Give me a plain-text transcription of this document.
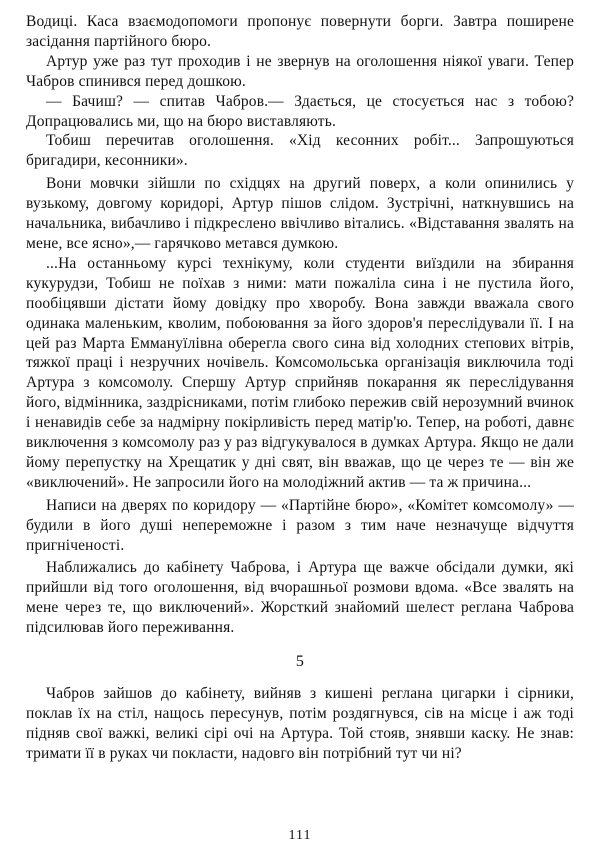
Водиці. Каса взаємодопомоги пропонує повернути борги. Завтра поширене засідання партійного бюро.

Артур уже раз тут проходив і не звернув на оголошення ніякої уваги. Тепер Чабров спинився перед дошкою.

— Бачиш? — спитав Чабров.— Здається, це стосується нас з тобою? Допрацювались ми, що на бюро виставляють.

Тобиш перечитав оголошення. «Хід кесонних робіт... Запрошуються бригадири, кесонники».

Вони мовчки зійшли по східцях на другий поверх, а коли опинились у вузькому, довгому коридорі, Артур пішов слідом. Зустрічні, наткнувшись на начальника, вибачливо і підкреслено ввічливо вітались. «Відставання звалять на мене, все ясно»,— гарячково метався думкою.

...На останньому курсі технікуму, коли студенти виїздили на збирання кукурудзи, Тобиш не поїхав з ними: мати пожаліла сина і не пустила його, пообіцявши дістати йому довідку про хворобу. Вона завжди вважала свого одинака маленьким, кволим, побоювання за його здоров'я переслідували її. І на цей раз Марта Еммануїлівна оберегла свого сина від холодних степових вітрів, тяжкої праці і незручних ночівель. Комсомольська організація виключила тоді Артура з комсомолу. Спершу Артур сприйняв покарання як переслідування його, відмінника, заздрісниками, потім глибоко пережив свій нерозумний вчинок і ненавидів себе за надмірну покірливість перед матір'ю. Тепер, на роботі, давнє виключення з комсомолу раз у раз відгукувалося в думках Артура. Якщо не дали йому перепустку на Хрещатик у дні свят, він вважав, що це через те — він же «виключений». Не запросили його на молодіжний актив — та ж причина...

Написи на дверях по коридору — «Партійне бюро», «Комітет комсомолу» — будили в його душі непереможне і разом з тим наче незначуще відчуття пригніченості.

Наближались до кабінету Чаброва, і Артура ще важче обсідали думки, які прийшли від того оголошення, від вчорашньої розмови вдома. «Все звалять на мене через те, що виключений». Жорсткий знайомий шелест реглана Чаброва підсилював його переживання.

5

Чабров зайшов до кабінету, вийняв з кишені реглана цигарки і сірники, поклав їх на стіл, нащось пересунув, потім роздягнувся, сів на місце і аж тоді підняв свої важкі, великі сірі очі на Артура. Той стояв, знявши каску. Не знав: тримати її в руках чи покласти, надовго він потрібний тут чи ні?

111
